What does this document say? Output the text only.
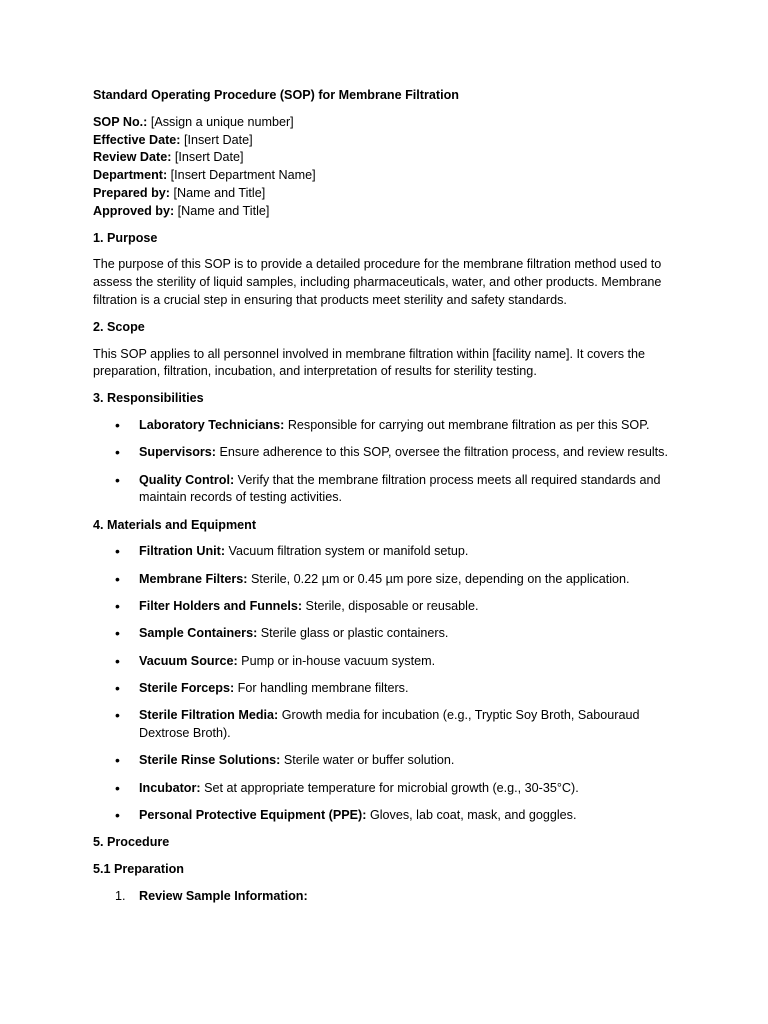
Standard Operating Procedure (SOP) for Membrane Filtration
SOP No.: [Assign a unique number]
Effective Date: [Insert Date]
Review Date: [Insert Date]
Department: [Insert Department Name]
Prepared by: [Name and Title]
Approved by: [Name and Title]
1. Purpose
The purpose of this SOP is to provide a detailed procedure for the membrane filtration method used to assess the sterility of liquid samples, including pharmaceuticals, water, and other products. Membrane filtration is a crucial step in ensuring that products meet sterility and safety standards.
2. Scope
This SOP applies to all personnel involved in membrane filtration within [facility name]. It covers the preparation, filtration, incubation, and interpretation of results for sterility testing.
3. Responsibilities
• Laboratory Technicians: Responsible for carrying out membrane filtration as per this SOP.
• Supervisors: Ensure adherence to this SOP, oversee the filtration process, and review results.
• Quality Control: Verify that the membrane filtration process meets all required standards and maintain records of testing activities.
4. Materials and Equipment
• Filtration Unit: Vacuum filtration system or manifold setup.
• Membrane Filters: Sterile, 0.22 µm or 0.45 µm pore size, depending on the application.
• Filter Holders and Funnels: Sterile, disposable or reusable.
• Sample Containers: Sterile glass or plastic containers.
• Vacuum Source: Pump or in-house vacuum system.
• Sterile Forceps: For handling membrane filters.
• Sterile Filtration Media: Growth media for incubation (e.g., Tryptic Soy Broth, Sabouraud Dextrose Broth).
• Sterile Rinse Solutions: Sterile water or buffer solution.
• Incubator: Set at appropriate temperature for microbial growth (e.g., 30-35°C).
• Personal Protective Equipment (PPE): Gloves, lab coat, mask, and goggles.
5. Procedure
5.1 Preparation
1. Review Sample Information:
